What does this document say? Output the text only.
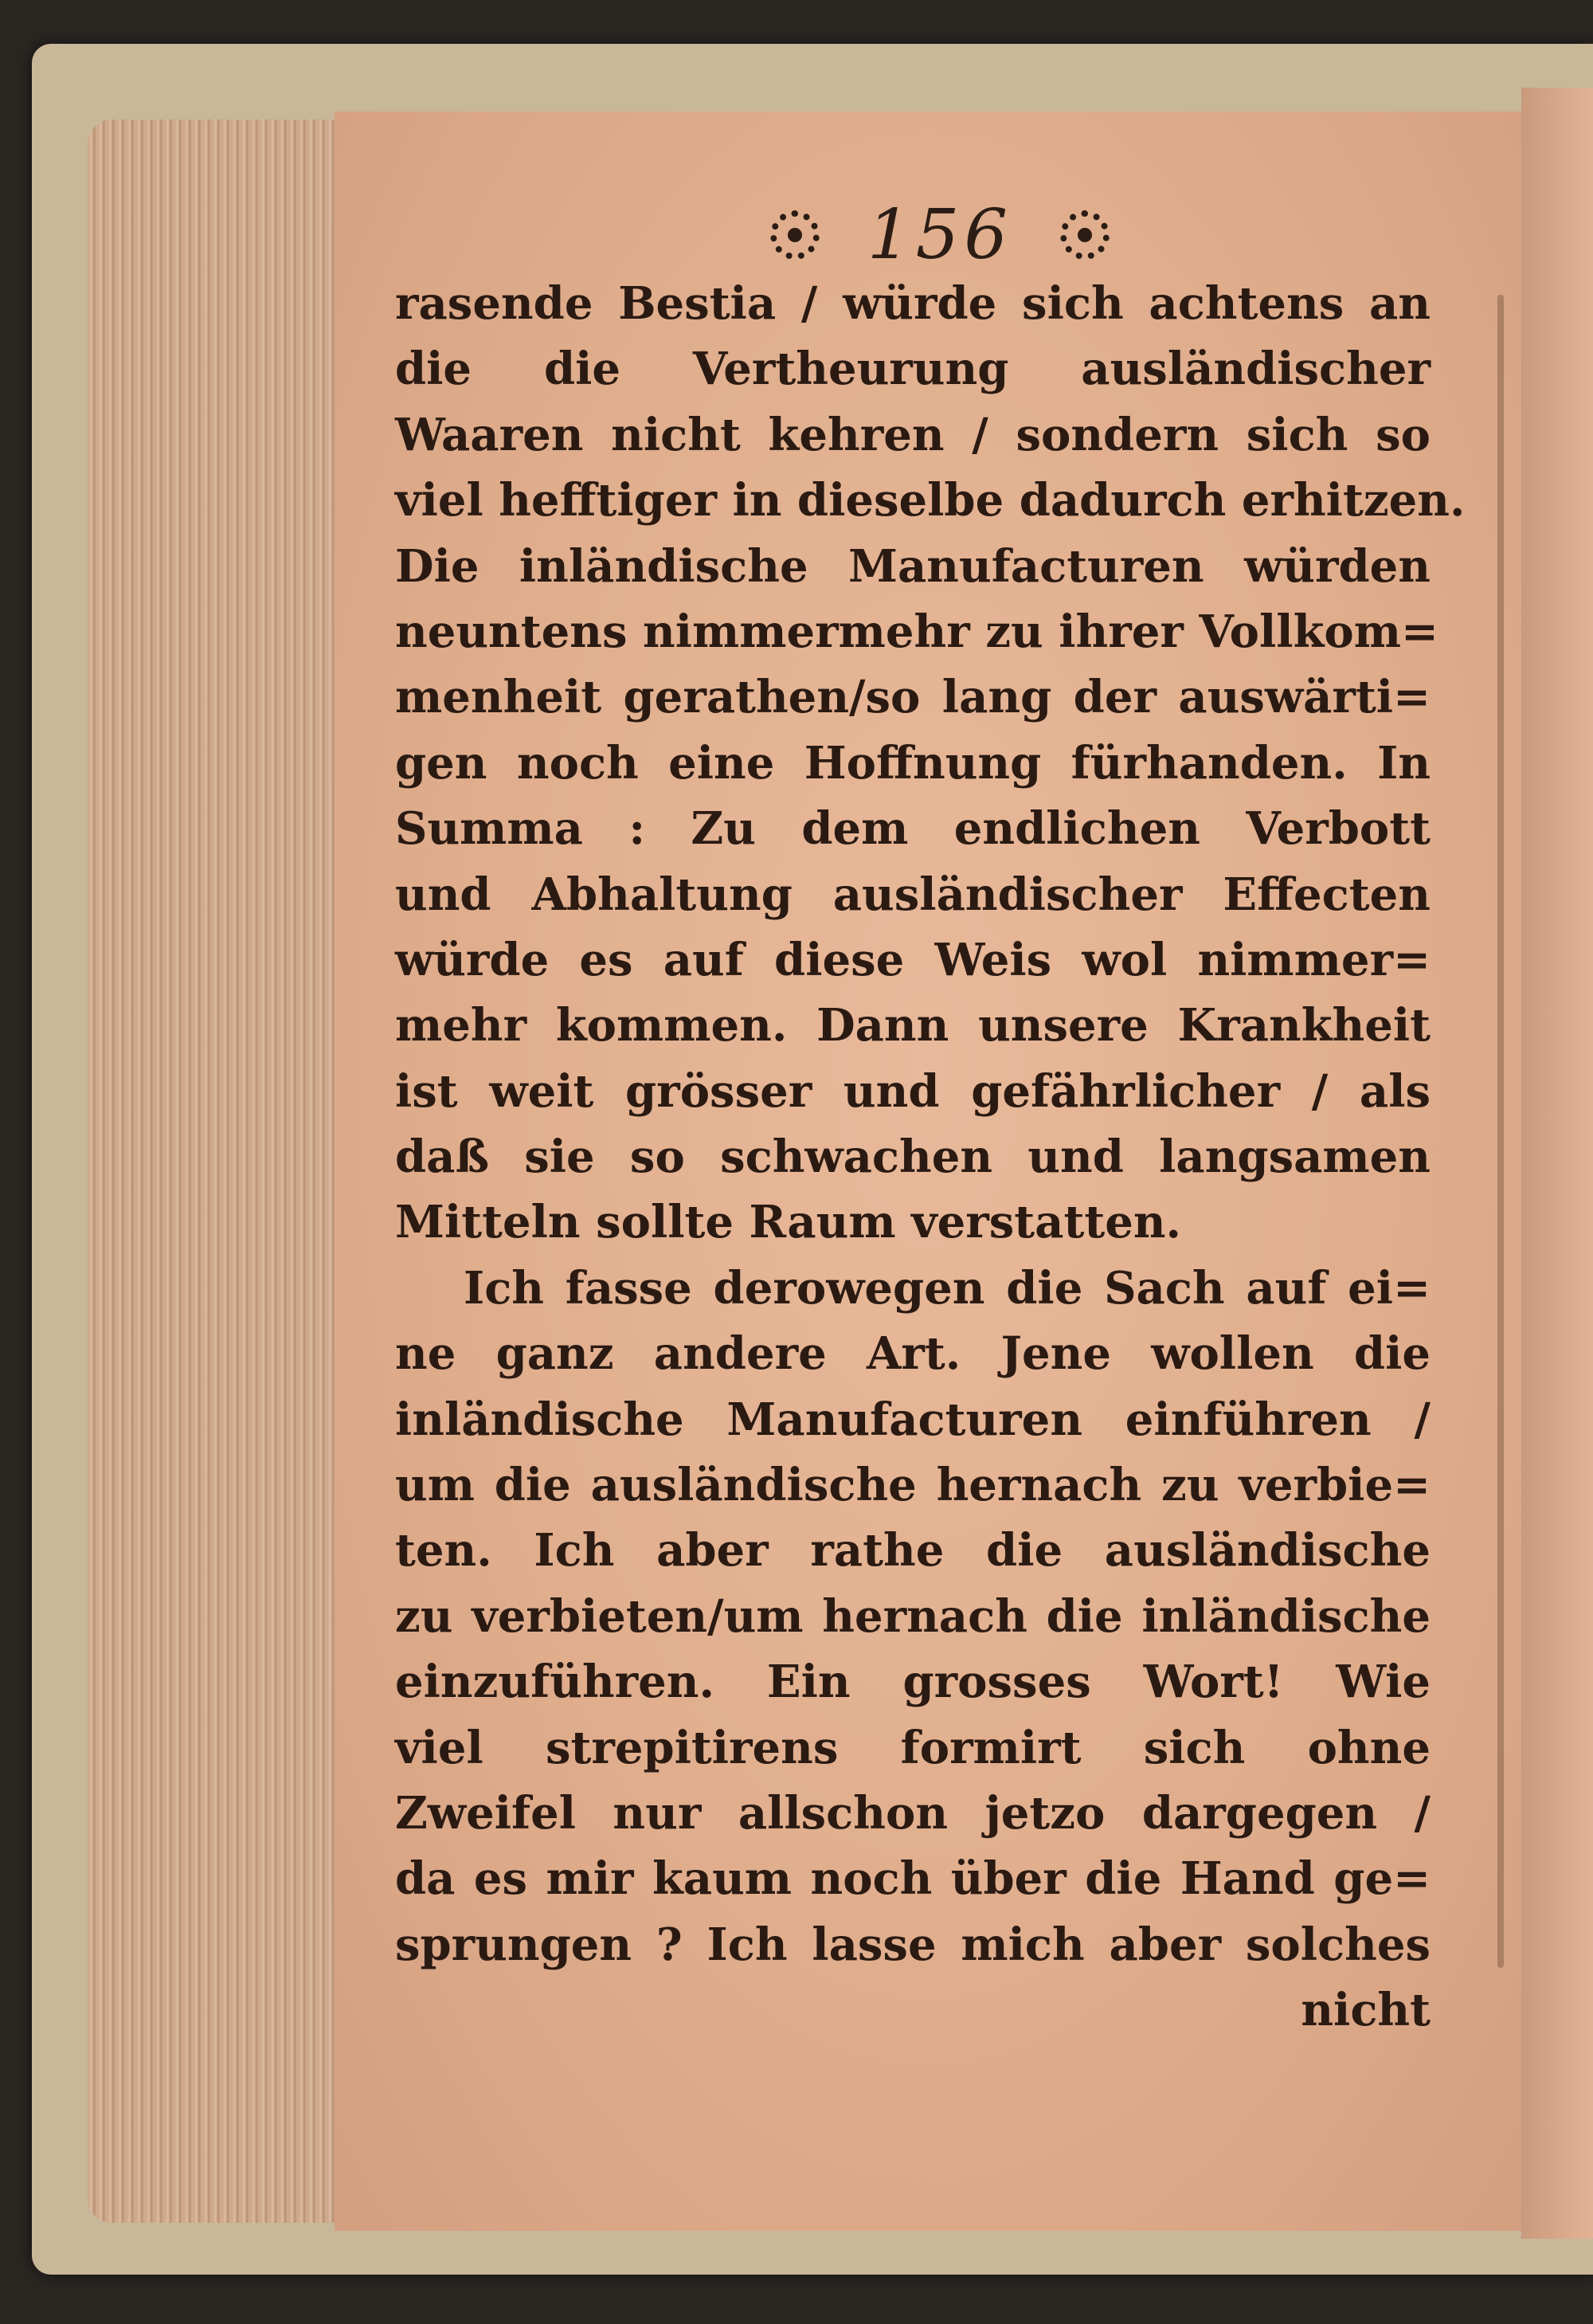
156
rasende Bestia / würde sich achtens an
die die Vertheurung ausländischer
Waaren nicht kehren / sondern sich so
viel hefftiger in dieselbe dadurch erhitzen.
Die inländische Manufacturen würden
neuntens nimmermehr zu ihrer Vollkom=
menheit gerathen/so lang der auswärti=
gen noch eine Hoffnung fürhanden. In
Summa : Zu dem endlichen Verbott
und Abhaltung ausländischer Effecten
würde es auf diese Weis wol nimmer=
mehr kommen. Dann unsere Krankheit
ist weit grösser und gefährlicher / als
daß sie so schwachen und langsamen
Mitteln sollte Raum verstatten.
Ich fasse derowegen die Sach auf ei=
ne ganz andere Art. Jene wollen die
inländische Manufacturen einführen /
um die ausländische hernach zu verbie=
ten. Ich aber rathe die ausländische
zu verbieten/um hernach die inländische
einzuführen. Ein grosses Wort! Wie
viel strepitirens formirt sich ohne
Zweifel nur allschon jetzo dargegen /
da es mir kaum noch über die Hand ge=
sprungen ? Ich lasse mich aber solches
nicht
